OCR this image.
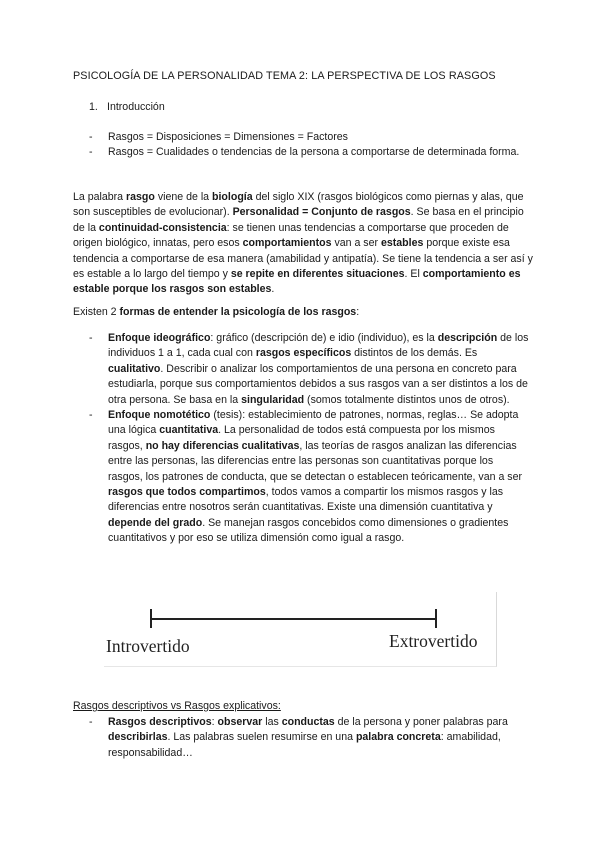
PSICOLOGÍA DE LA PERSONALIDAD TEMA 2: LA PERSPECTIVA DE LOS RASGOS

1. Introducción

- Rasgos = Disposiciones = Dimensiones = Factores
- Rasgos = Cualidades o tendencias de la persona a comportarse de determinada forma.

La palabra rasgo viene de la biología del siglo XIX (rasgos biológicos como piernas y alas, que son susceptibles de evolucionar). Personalidad = Conjunto de rasgos. Se basa en el principio de la continuidad-consistencia: se tienen unas tendencias a comportarse que proceden de origen biológico, innatas, pero esos comportamientos van a ser estables porque existe esa tendencia a comportarse de esa manera (amabilidad y antipatía). Se tiene la tendencia a ser así y es estable a lo largo del tiempo y se repite en diferentes situaciones. El comportamiento es estable porque los rasgos son estables.

Existen 2 formas de entender la psicología de los rasgos:

- Enfoque ideográfico: gráfico (descripción de) e idio (individuo), es la descripción de los individuos 1 a 1, cada cual con rasgos específicos distintos de los demás. Es cualitativo. Describir o analizar los comportamientos de una persona en concreto para estudiarla, porque sus comportamientos debidos a sus rasgos van a ser distintos a los de otra persona. Se basa en la singularidad (somos totalmente distintos unos de otros).
- Enfoque nomotético (tesis): establecimiento de patrones, normas, reglas… Se adopta una lógica cuantitativa. La personalidad de todos está compuesta por los mismos rasgos, no hay diferencias cualitativas, las teorías de rasgos analizan las diferencias entre las personas, las diferencias entre las personas son cuantitativas porque los rasgos, los patrones de conducta, que se detectan o establecen teóricamente, van a ser rasgos que todos compartimos, todos vamos a compartir los mismos rasgos y las diferencias entre nosotros serán cuantitativas. Existe una dimensión cuantitativa y depende del grado. Se manejan rasgos concebidos como dimensiones o gradientes cuantitativos y por eso se utiliza dimensión como igual a rasgo.
Introvertido	Extrovertido

Rasgos descriptivos vs Rasgos explicativos:

- Rasgos descriptivos: observar las conductas de la persona y poner palabras para describirlas. Las palabras suelen resumirse en una palabra concreta: amabilidad, responsabilidad…
